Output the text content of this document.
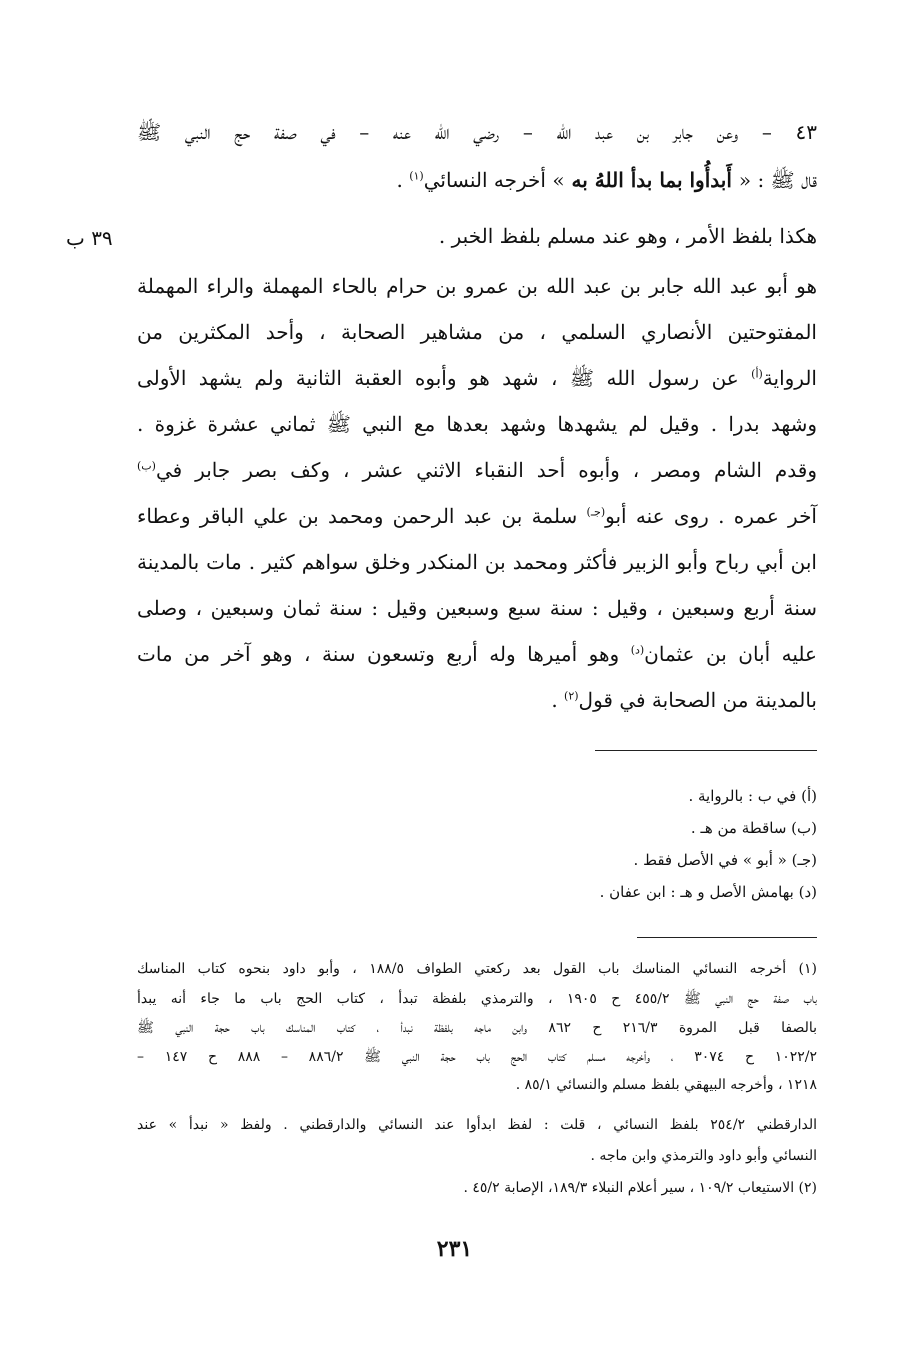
٣٩ ب
٤٣ – وعن جابر بن عبد الله – رضي الله عنه – في صفة حج النبي ﷺ
قال ﷺ : « أَبدأُوا بما بدأ اللهُ به » أخرجه النسائي$^{(١)}$ .
هكذا بلفظ الأمر ، وهو عند مسلم بلفظ الخبر .
هو أبو عبد الله جابر بن عبد الله بن عمرو بن حرام بالحاء المهملة والراء المهملة
المفتوحتين الأنصاري السلمي ، من مشاهير الصحابة ، وأحد المكثرين من
الرواية$^{(أ)}$ عن رسول الله ﷺ ، شهد هو وأبوه العقبة الثانية ولم يشهد الأولى
وشهد بدرا . وقيل لم يشهدها وشهد بعدها مع النبي ﷺ ثماني عشرة غزوة .
وقدم الشام ومصر ، وأبوه أحد النقباء الاثني عشر ، وكف بصر جابر في$^{(ب)}$
آخر عمره . روى عنه أبو$^{(جـ)}$ سلمة بن عبد الرحمن ومحمد بن علي الباقر وعطاء
ابن أبي رباح وأبو الزبير فأكثر ومحمد بن المنكدر وخلق سواهم كثير . مات بالمدينة
سنة أربع وسبعين ، وقيل : سنة سبع وسبعين وقيل : سنة ثمان وسبعين ، وصلى
عليه أبان بن عثمان$^{(د)}$ وهو أميرها وله أربع وتسعون سنة ، وهو آخر من مات
بالمدينة من الصحابة في قول$^{(٢)}$ .
(أ) في ب : بالرواية .
(ب) ساقطة من هـ .
(جـ) « أبو » في الأصل فقط .
(د) بهامش الأصل و هـ : ابن عفان .
(١) أخرجه النسائي المناسك باب القول بعد ركعتي الطواف ١٨٨/٥ ، وأبو داود بنحوه كتاب المناسك
باب صفة حج النبي ﷺ ٤٥٥/٢ ح ١٩٠٥ ، والترمذي بلفظة تبدأ ، كتاب الحج باب ما جاء أنه يبدأ
بالصفا قبل المروة ٢١٦/٣ ح ٨٦٢ وابن ماجه بلفظة نبدأ ، كتاب المناسك باب حجة النبي ﷺ
١٠٢٢/٢ ح ٣٠٧٤ ، وأخرجه مسلم كتاب الحج باب حجة النبي ﷺ ٨٨٦/٢ – ٨٨٨ ح ١٤٧ –
١٢١٨ ، وأخرجه البيهقي بلفظ مسلم والنسائي ٨٥/١ .
الدارقطني ٢٥٤/٢ بلفظ النسائي ، قلت : لفظ ابدأوا عند النسائي والدارقطني . ولفظ « نبدأ » عند
النسائي وأبو داود والترمذي وابن ماجه .
(٢) الاستيعاب ١٠٩/٢ ، سير أعلام النبلاء ١٨٩/٣، الإصابة ٤٥/٢ .
٢٣١
